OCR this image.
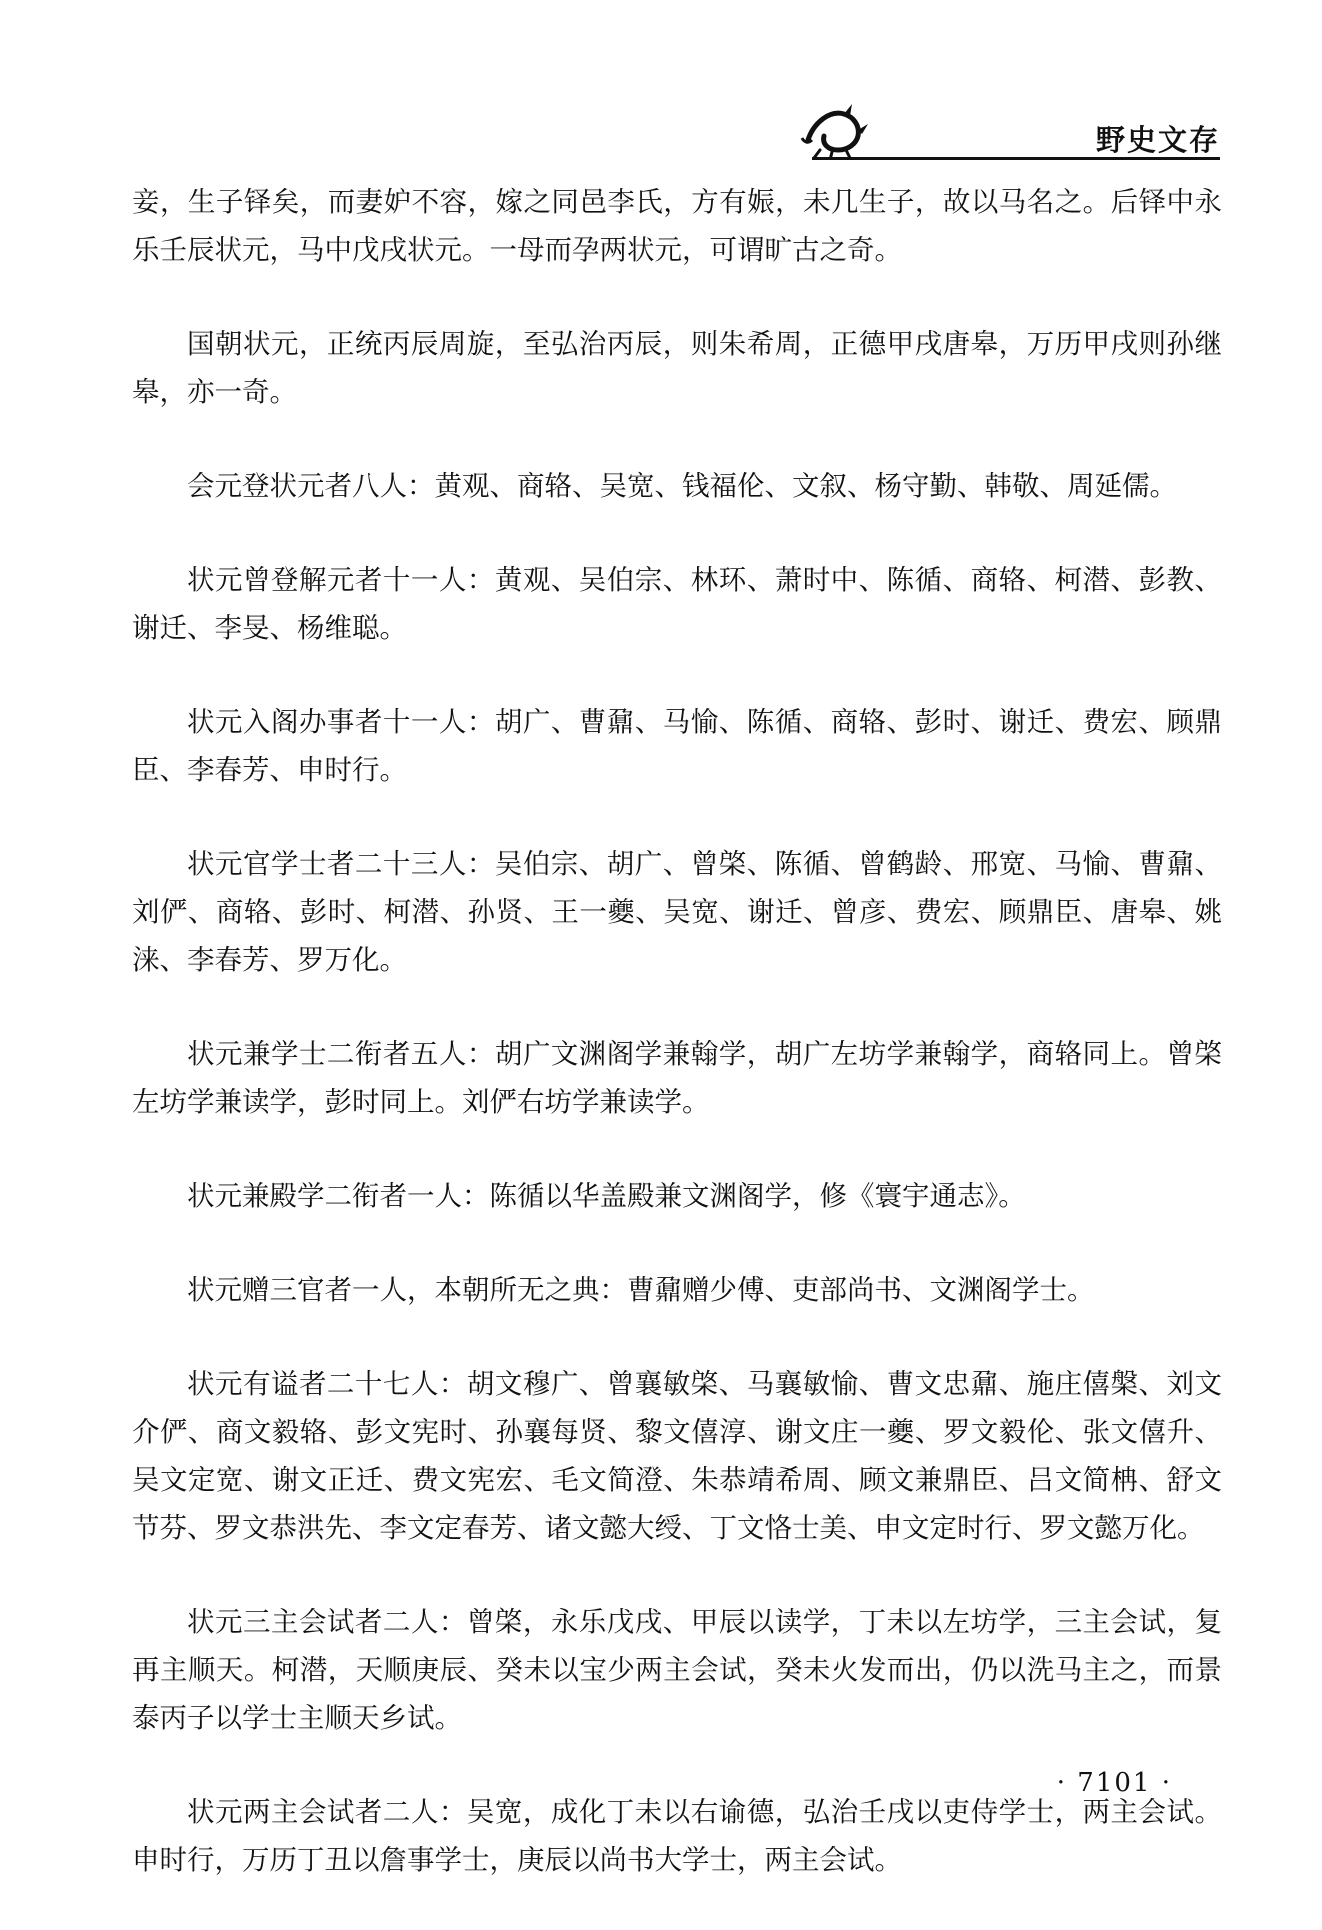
野史文存

妾，生子铎矣，而妻妒不容，嫁之同邑李氏，方有娠，未几生子，故以马名之。后铎中永乐壬辰状元，马中戊戌状元。一母而孕两状元，可谓旷古之奇。

国朝状元，正统丙辰周旋，至弘治丙辰，则朱希周，正德甲戌唐皋，万历甲戌则孙继皋，亦一奇。

会元登状元者八人：黄观、商辂、吴宽、钱福伦、文叙、杨守勤、韩敬、周延儒。

状元曾登解元者十一人：黄观、吴伯宗、林环、萧时中、陈循、商辂、柯潜、彭教、谢迁、李旻、杨维聪。

状元入阁办事者十一人：胡广、曹鼐、马愉、陈循、商辂、彭时、谢迁、费宏、顾鼎臣、李春芳、申时行。

状元官学士者二十三人：吴伯宗、胡广、曾棨、陈循、曾鹤龄、邢宽、马愉、曹鼐、刘俨、商辂、彭时、柯潜、孙贤、王一夔、吴宽、谢迁、曾彦、费宏、顾鼎臣、唐皋、姚涞、李春芳、罗万化。

状元兼学士二衔者五人：胡广文渊阁学兼翰学，胡广左坊学兼翰学，商辂同上。曾棨左坊学兼读学，彭时同上。刘俨右坊学兼读学。

状元兼殿学二衔者一人：陈循以华盖殿兼文渊阁学，修《寰宇通志》。

状元赠三官者一人，本朝所无之典：曹鼐赠少傅、吏部尚书、文渊阁学士。

状元有谥者二十七人：胡文穆广、曾襄敏棨、马襄敏愉、曹文忠鼐、施庄僖槃、刘文介俨、商文毅辂、彭文宪时、孙襄每贤、黎文僖淳、谢文庄一夔、罗文毅伦、张文僖升、吴文定宽、谢文正迁、费文宪宏、毛文简澄、朱恭靖希周、顾文兼鼎臣、吕文简柟、舒文节芬、罗文恭洪先、李文定春芳、诸文懿大绶、丁文恪士美、申文定时行、罗文懿万化。

状元三主会试者二人：曾棨，永乐戊戌、甲辰以读学，丁未以左坊学，三主会试，复再主顺天。柯潜，天顺庚辰、癸未以宝少两主会试，癸未火发而出，仍以洗马主之，而景泰丙子以学士主顺天乡试。

状元两主会试者二人：吴宽，成化丁未以右谕德，弘治壬戌以吏侍学士，两主会试。申时行，万历丁丑以詹事学士，庚辰以尚书大学士，两主会试。

· 7101 ·
